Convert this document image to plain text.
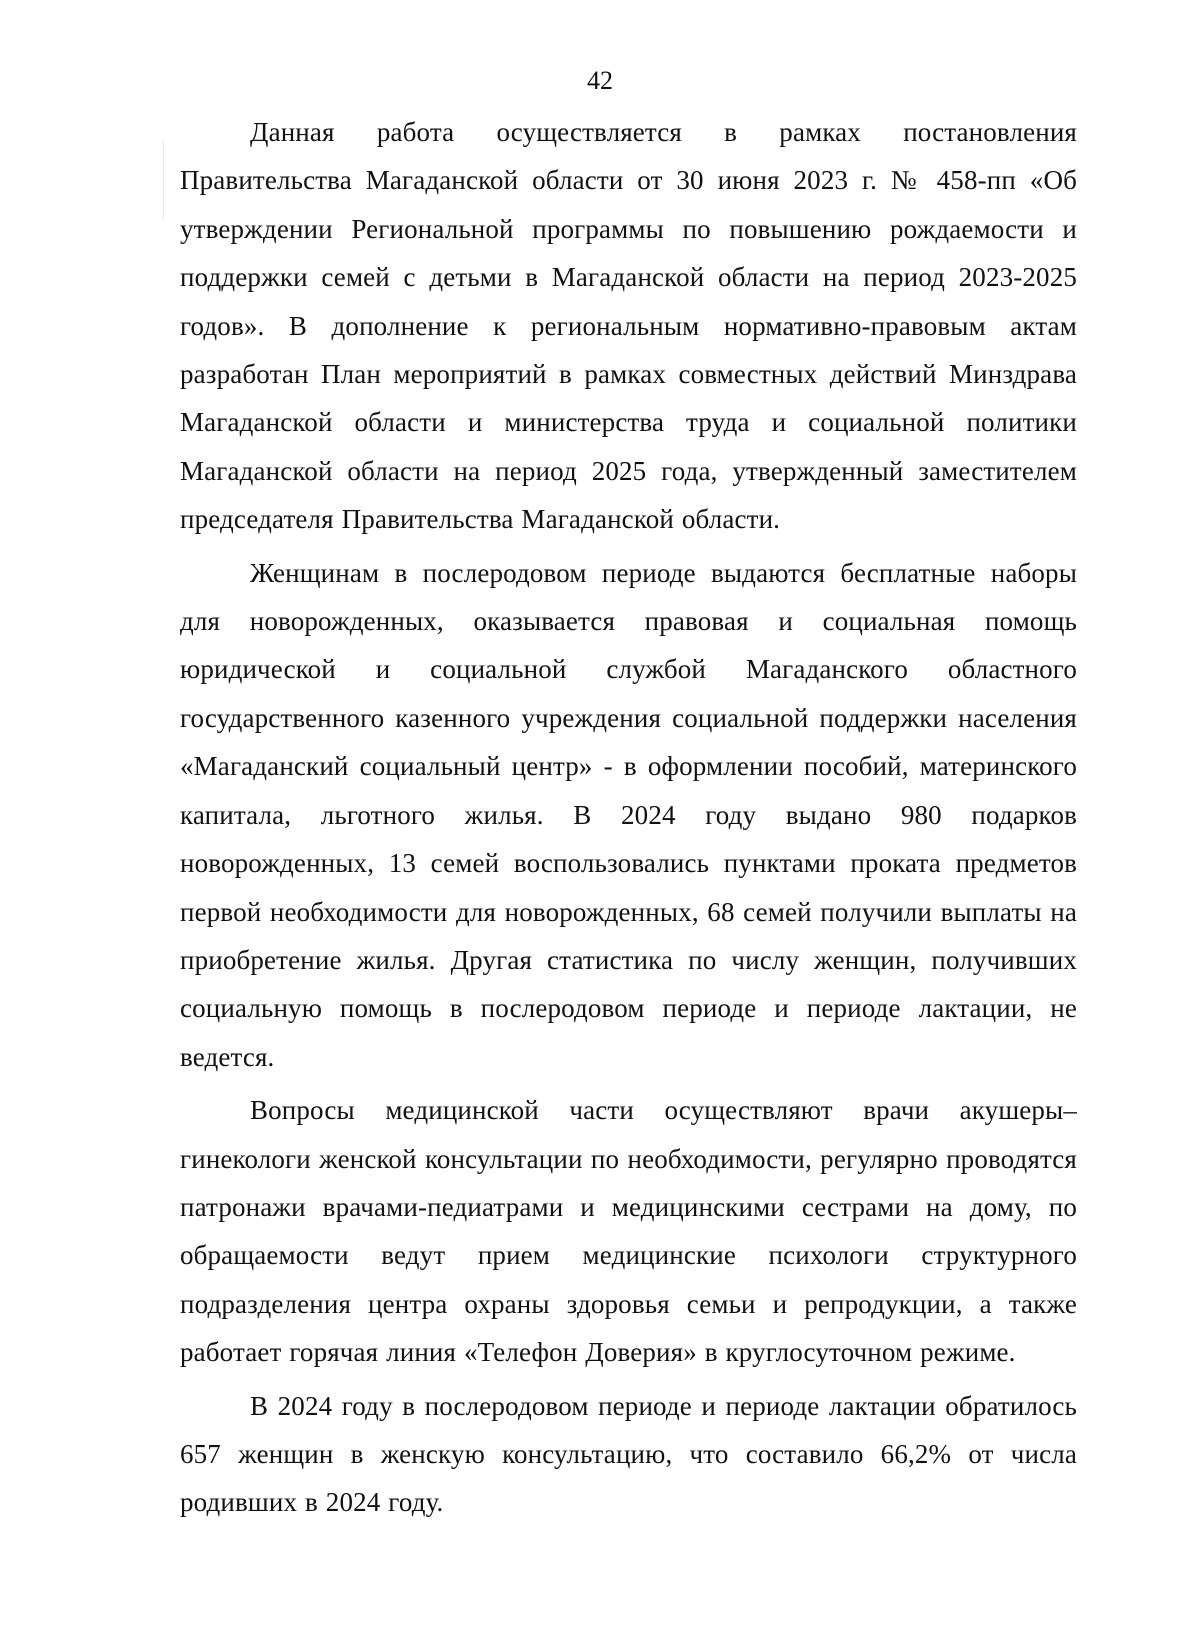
42

Данная работа осуществляется в рамках постановления Правительства Магаданской области от 30 июня 2023 г. № 458-пп «Об утверждении Региональной программы по повышению рождаемости и поддержки семей с детьми в Магаданской области на период 2023-2025 годов». В дополнение к региональным нормативно-правовым актам разработан План мероприятий в рамках совместных действий Минздрава Магаданской области и министерства труда и социальной политики Магаданской области на период 2025 года, утвержденный заместителем председателя Правительства Магаданской области.

Женщинам в послеродовом периоде выдаются бесплатные наборы для новорожденных, оказывается правовая и социальная помощь юридической и социальной службой Магаданского областного государственного казенного учреждения социальной поддержки населения «Магаданский социальный центр» - в оформлении пособий, материнского капитала, льготного жилья. В 2024 году выдано 980 подарков новорожденных, 13 семей воспользовались пунктами проката предметов первой необходимости для новорожденных, 68 семей получили выплаты на приобретение жилья. Другая статистика по числу женщин, получивших социальную помощь в послеродовом периоде и периоде лактации, не ведется.

Вопросы медицинской части осуществляют врачи акушеры–гинекологи женской консультации по необходимости, регулярно проводятся патронажи врачами-педиатрами и медицинскими сестрами на дому, по обращаемости ведут прием медицинские психологи структурного подразделения центра охраны здоровья семьи и репродукции, а также работает горячая линия «Телефон Доверия» в круглосуточном режиме.

В 2024 году в послеродовом периоде и периоде лактации обратилось 657 женщин в женскую консультацию, что составило 66,2% от числа родивших в 2024 году.
